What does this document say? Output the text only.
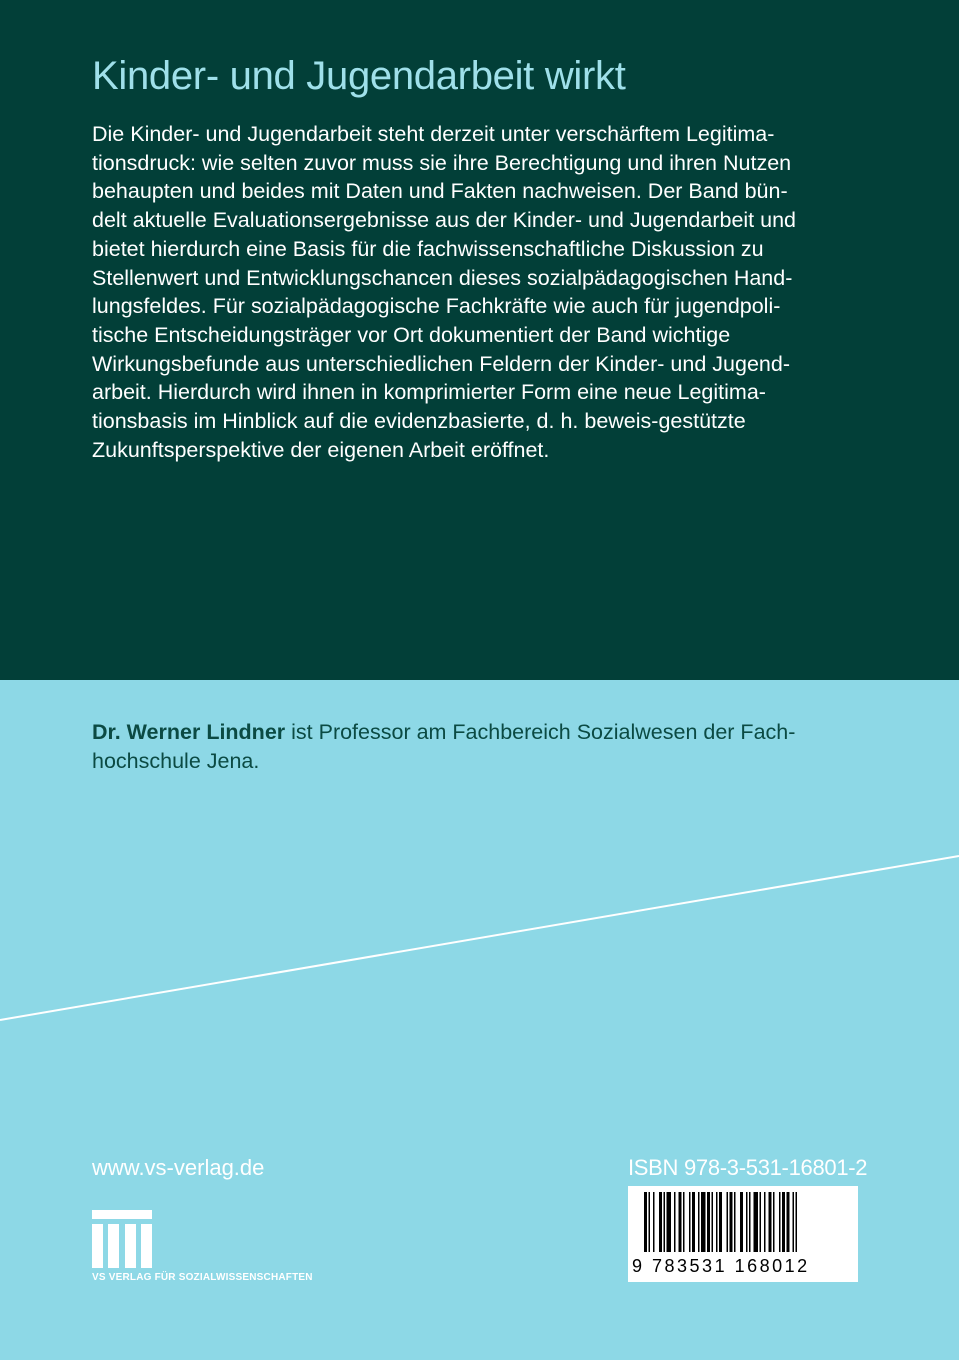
Kinder- und Jugendarbeit wirkt
Die Kinder- und Jugendarbeit steht derzeit unter verschärftem Legitima-
tionsdruck: wie selten zuvor muss sie ihre Berechtigung und ihren Nutzen
behaupten und beides mit Daten und Fakten nachweisen. Der Band bün-
delt aktuelle Evaluationsergebnisse aus der Kinder- und Jugendarbeit und
bietet hierdurch eine Basis für die fachwissenschaftliche Diskussion zu
Stellenwert und Entwicklungschancen dieses sozialpädagogischen Hand-
lungsfeldes. Für sozialpädagogische Fachkräfte wie auch für jugendpoli-
tische Entscheidungsträger vor Ort dokumentiert der Band wichtige
Wirkungsbefunde aus unterschiedlichen Feldern der Kinder- und Jugend-
arbeit. Hierdurch wird ihnen in komprimierter Form eine neue Legitima-
tionsbasis im Hinblick auf die evidenzbasierte, d. h. beweis-gestützte
Zukunftsperspektive der eigenen Arbeit eröffnet.
Dr. Werner Lindner ist Professor am Fachbereich Sozialwesen der Fach-
hochschule Jena.
www.vs-verlag.de
VS VERLAG FÜR SOZIALWISSENSCHAFTEN
ISBN 978-3-531-16801-2
9 783531 168012
